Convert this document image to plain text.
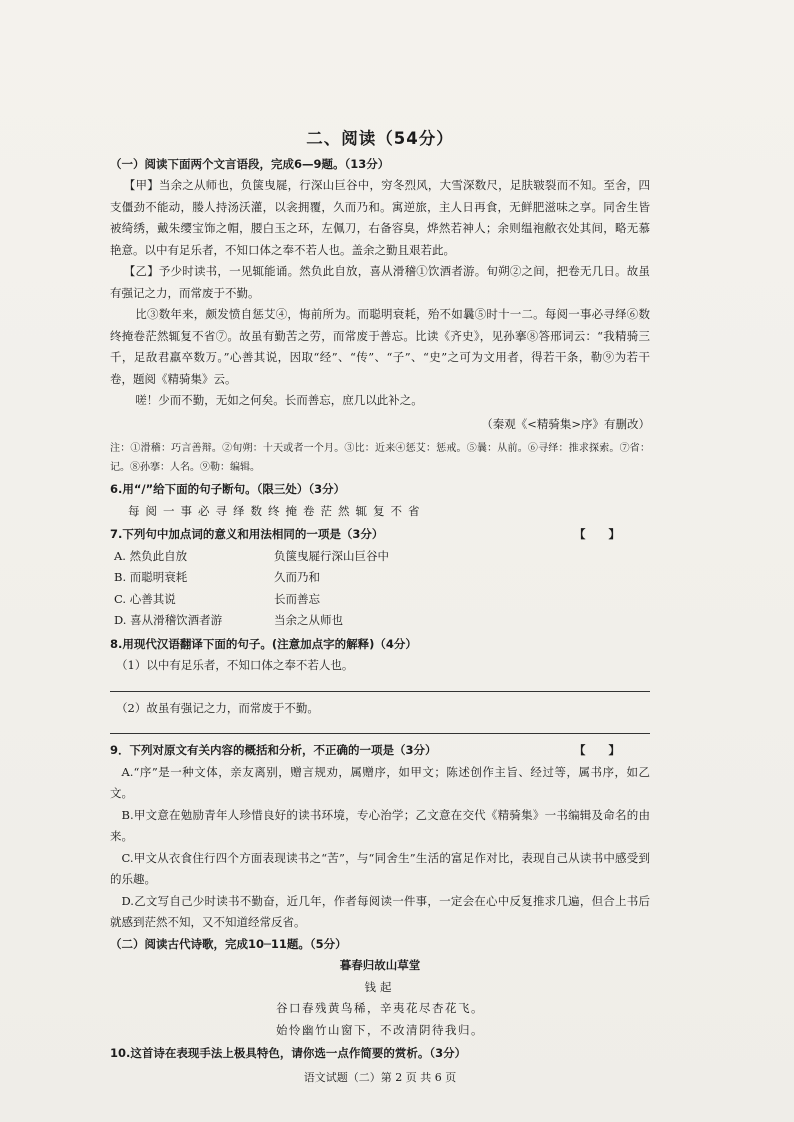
二、阅读（54分）

（一）阅读下面两个文言语段，完成6—9题。（13分）

【甲】当余之从师也，负箧曳屣，行深山巨谷中，穷冬烈风，大雪深数尺，足肤皲裂而不知。至舍，四支僵劲不能动，媵人持汤沃灌，以衾拥覆，久而乃和。寓逆旅，主人日再食，无鲜肥滋味之享。同舍生皆被绮绣，戴朱缨宝饰之帽，腰白玉之环，左佩刀，右备容臭，烨然若神人；余则缊袍敝衣处其间，略无慕艳意。以中有足乐者，不知口体之奉不若人也。盖余之勤且艰若此。

【乙】予少时读书，一见辄能诵。然负此自放，喜从滑稽①饮酒者游。旬朔②之间，把卷无几日。故虽有强记之力，而常废于不勤。

比③数年来，颇发愤自惩艾④，悔前所为。而聪明衰耗，殆不如曩⑤时十一二。每阅一事必寻绎⑥数终掩卷茫然辄复不省⑦。故虽有勤苦之劳，而常废于善忘。比读《齐史》，见孙搴⑧答邢词云：“我精骑三千，足敌君羸卒数万。”心善其说，因取“经”、“传”、“子”、“史”之可为文用者，得若干条，勒⑨为若干卷，题阅《精骑集》云。

嗟！少而不勤，无如之何矣。长而善忘，庶几以此补之。

（秦观《<精骑集>序》有删改）

注：①滑稽：巧言善辩。②旬朔：十天或者一个月。③比：近来④惩艾：惩戒。⑤曩：从前。⑥寻绎：推求探索。⑦省：记。⑧孙搴：人名。⑨勒：编辑。

6.用“/”给下面的句子断句。（限三处）（3分）

每阅一事必寻绎数终掩卷茫然辄复不省

7.下列句中加点词的意义和用法相同的一项是（3分）	【　　】

A. 然负此自放	负箧曳屣行深山巨谷中
B. 而聪明衰耗	久而乃和
C. 心善其说	长而善忘
D. 喜从滑稽饮酒者游	当余之从师也

8.用现代汉语翻译下面的句子。(注意加点字的解释)（4分）

（1）以中有足乐者，不知口体之奉不若人也。

（2）故虽有强记之力，而常废于不勤。

9．下列对原文有关内容的概括和分析，不正确的一项是（3分）	【　　】

A.“序”是一种文体，亲友离别，赠言规劝，属赠序，如甲文；陈述创作主旨、经过等，属书序，如乙文。

B.甲文意在勉励青年人珍惜良好的读书环境，专心治学；乙文意在交代《精骑集》一书编辑及命名的由来。

C.甲文从衣食住行四个方面表现读书之“苦”，与“同舍生”生活的富足作对比，表现自己从读书中感受到的乐趣。

D.乙文写自己少时读书不勤奋，近几年，作者每阅读一件事，一定会在心中反复推求几遍，但合上书后就感到茫然不知，又不知道经常反省。

（二）阅读古代诗歌，完成10─11题。（5分）

暮春归故山草堂

钱起

谷口春残黄鸟稀，辛夷花尽杏花飞。

始怜幽竹山窗下，不改清阴待我归。

10.这首诗在表现手法上极具特色，请你选一点作简要的赏析。（3分）

语文试题（二）第 2 页 共 6 页
